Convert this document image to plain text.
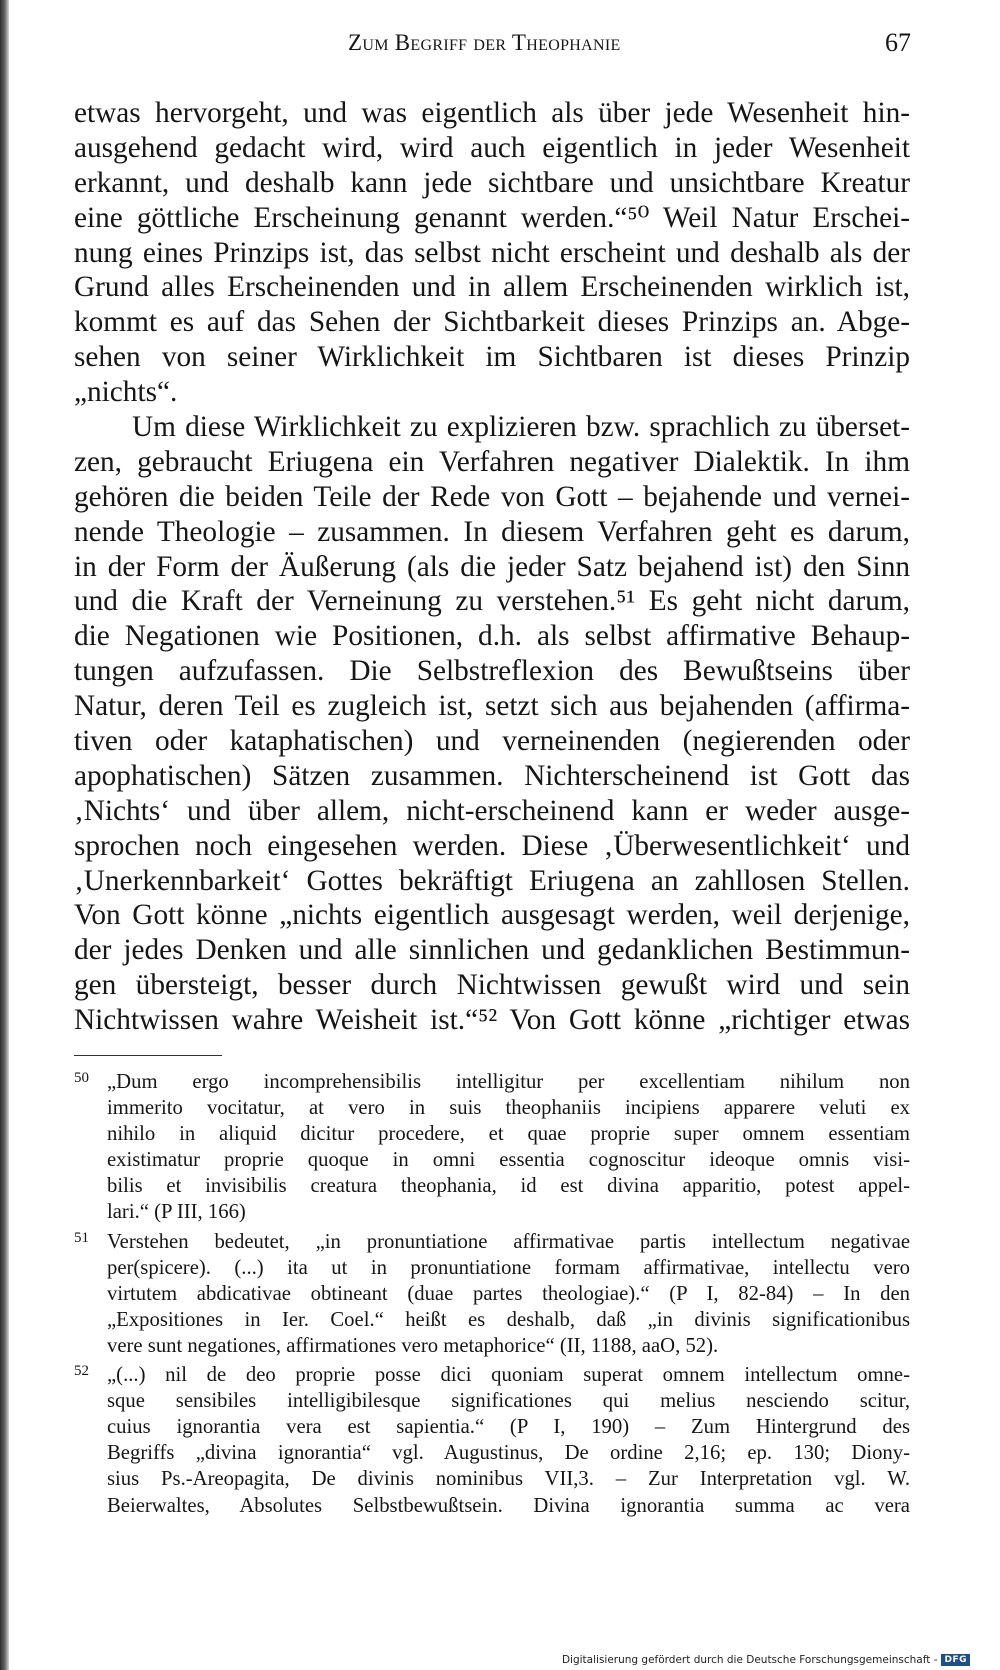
Zum Begriff der Theophanie	67
etwas hervorgeht, und was eigentlich als über jede Wesenheit hin-
ausgehend gedacht wird, wird auch eigentlich in jeder Wesenheit
erkannt, und deshalb kann jede sichtbare und unsichtbare Kreatur
eine göttliche Erscheinung genannt werden.“⁵⁰ Weil Natur Erschei-
nung eines Prinzips ist, das selbst nicht erscheint und deshalb als der
Grund alles Erscheinenden und in allem Erscheinenden wirklich ist,
kommt es auf das Sehen der Sichtbarkeit dieses Prinzips an. Abge-
sehen von seiner Wirklichkeit im Sichtbaren ist dieses Prinzip
„nichts“.
Um diese Wirklichkeit zu explizieren bzw. sprachlich zu überset-
zen, gebraucht Eriugena ein Verfahren negativer Dialektik. In ihm
gehören die beiden Teile der Rede von Gott – bejahende und vernei-
nende Theologie – zusammen. In diesem Verfahren geht es darum,
in der Form der Äußerung (als die jeder Satz bejahend ist) den Sinn
und die Kraft der Verneinung zu verstehen.⁵¹ Es geht nicht darum,
die Negationen wie Positionen, d.h. als selbst affirmative Behaup-
tungen aufzufassen. Die Selbstreflexion des Bewußtseins über
Natur, deren Teil es zugleich ist, setzt sich aus bejahenden (affirma-
tiven oder kataphatischen) und verneinenden (negierenden oder
apophatischen) Sätzen zusammen. Nichterscheinend ist Gott das
‚Nichts‘ und über allem, nicht-erscheinend kann er weder ausge-
sprochen noch eingesehen werden. Diese ‚Überwesentlichkeit‘ und
‚Unerkennbarkeit‘ Gottes bekräftigt Eriugena an zahllosen Stellen.
Von Gott könne „nichts eigentlich ausgesagt werden, weil derjenige,
der jedes Denken und alle sinnlichen und gedanklichen Bestimmun-
gen übersteigt, besser durch Nichtwissen gewußt wird und sein
Nichtwissen wahre Weisheit ist.“⁵² Von Gott könne „richtiger etwas
50 „Dum ergo incomprehensibilis intelligitur per excellentiam nihilum non
immerito vocitatur, at vero in suis theophaniis incipiens apparere veluti ex
nihilo in aliquid dicitur procedere, et quae proprie super omnem essentiam
existimatur proprie quoque in omni essentia cognoscitur ideoque omnis visi-
bilis et invisibilis creatura theophania, id est divina apparitio, potest appel-
lari.“ (P III, 166)
51 Verstehen bedeutet, „in pronuntiatione affirmativae partis intellectum negativae
per(spicere). (...) ita ut in pronuntiatione formam affirmativae, intellectu vero
virtutem abdicativae obtineant (duae partes theologiae).“ (P I, 82-84) – In den
„Expositiones in Ier. Coel.“ heißt es deshalb, daß „in divinis significationibus
vere sunt negationes, affirmationes vero metaphorice“ (II, 1188, aaO, 52).
52 „(...) nil de deo proprie posse dici quoniam superat omnem intellectum omne-
sque sensibiles intelligibilesque significationes qui melius nesciendo scitur,
cuius ignorantia vera est sapientia.“ (P I, 190) – Zum Hintergrund des
Begriffs „divina ignorantia“ vgl. Augustinus, De ordine 2,16; ep. 130; Diony-
sius Ps.-Areopagita, De divinis nominibus VII,3. – Zur Interpretation vgl. W.
Beierwaltes, Absolutes Selbstbewußtsein. Divina ignorantia summa ac vera
Digitalisierung gefördert durch die Deutsche Forschungsgemeinschaft - DFG
